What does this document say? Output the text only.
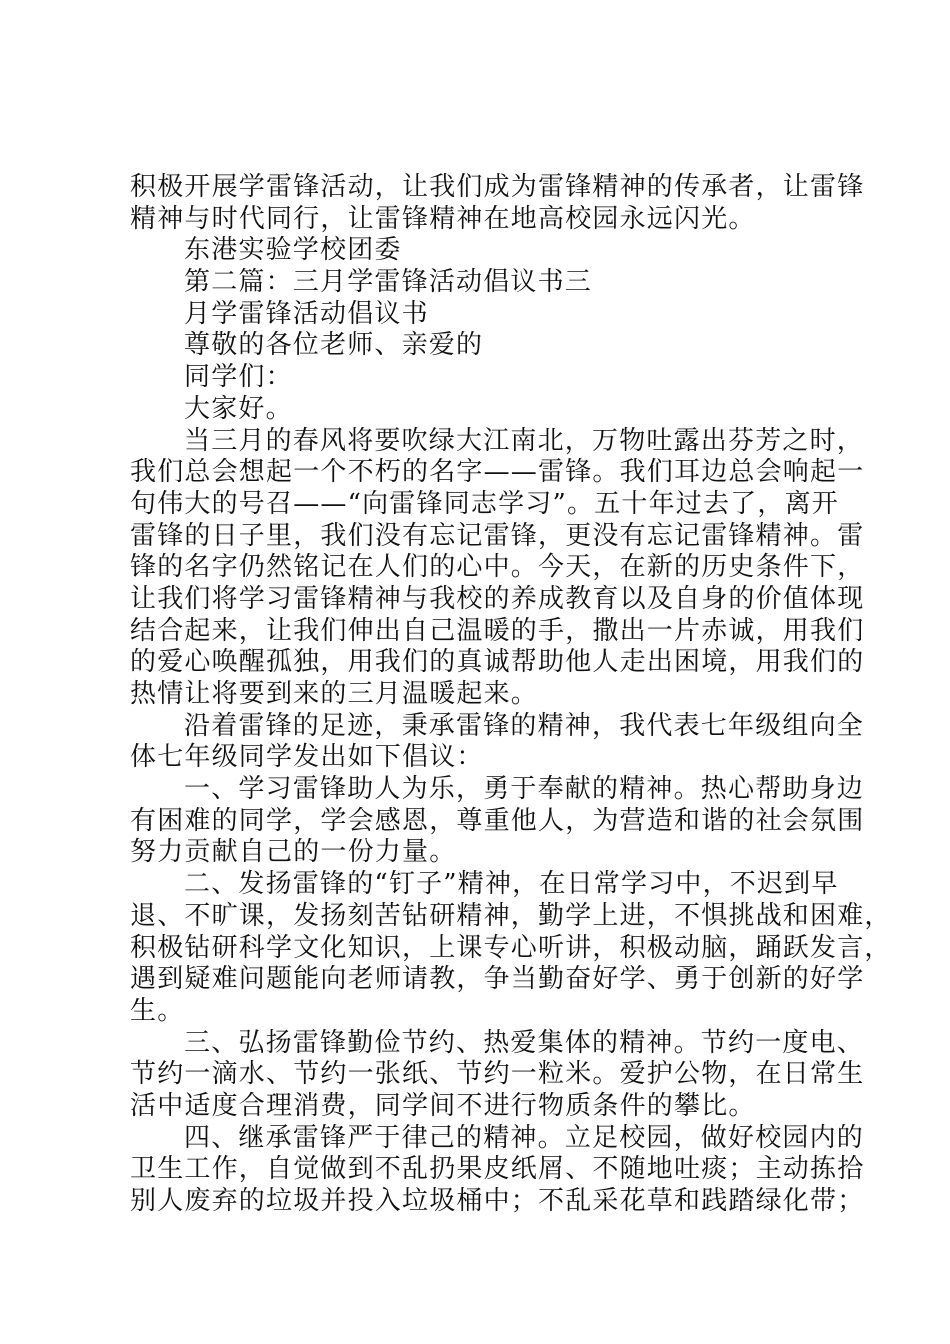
积极开展学雷锋活动，让我们成为雷锋精神的传承者，让雷锋
精神与时代同行，让雷锋精神在地高校园永远闪光。
东港实验学校团委
第二篇：三月学雷锋活动倡议书三
月学雷锋活动倡议书
尊敬的各位老师、亲爱的
同学们：
大家好。
当三月的春风将要吹绿大江南北，万物吐露出芬芳之时，
我们总会想起一个不朽的名字——雷锋。我们耳边总会响起一
句伟大的号召——“向雷锋同志学习”。五十年过去了，离开
雷锋的日子里，我们没有忘记雷锋，更没有忘记雷锋精神。雷
锋的名字仍然铭记在人们的心中。今天，在新的历史条件下，
让我们将学习雷锋精神与我校的养成教育以及自身的价值体现
结合起来，让我们伸出自己温暖的手，撒出一片赤诚，用我们
的爱心唤醒孤独，用我们的真诚帮助他人走出困境，用我们的
热情让将要到来的三月温暖起来。
沿着雷锋的足迹，秉承雷锋的精神，我代表七年级组向全
体七年级同学发出如下倡议：
一、学习雷锋助人为乐，勇于奉献的精神。热心帮助身边
有困难的同学，学会感恩，尊重他人，为营造和谐的社会氛围
努力贡献自己的一份力量。
二、发扬雷锋的“钉子”精神，在日常学习中，不迟到早
退、不旷课，发扬刻苦钻研精神，勤学上进，不惧挑战和困难，
积极钻研科学文化知识，上课专心听讲，积极动脑，踊跃发言，
遇到疑难问题能向老师请教，争当勤奋好学、勇于创新的好学
生。
三、弘扬雷锋勤俭节约、热爱集体的精神。节约一度电、
节约一滴水、节约一张纸、节约一粒米。爱护公物，在日常生
活中适度合理消费，同学间不进行物质条件的攀比。
四、继承雷锋严于律己的精神。立足校园，做好校园内的
卫生工作，自觉做到不乱扔果皮纸屑、不随地吐痰；主动拣拾
别人废弃的垃圾并投入垃圾桶中；不乱采花草和践踏绿化带；
